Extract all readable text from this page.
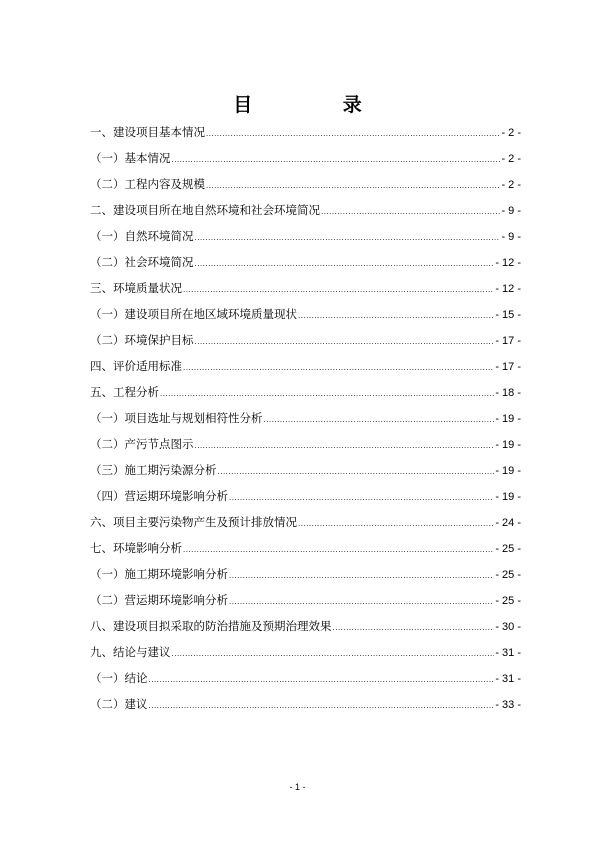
目 录
一、建设项目基本情况 .....	- 2 -
（一）基本情况 .....	- 2 -
（二）工程内容及规模 .....	- 2 -
二、建设项目所在地自然环境和社会环境简况 .....	- 9 -
（一）自然环境简况 .....	- 9 -
（二）社会环境简况 .....	- 12 -
三、环境质量状况 .....	- 12 -
（一）建设项目所在地区域环境质量现状 .....	- 15 -
（二）环境保护目标 .....	- 17 -
四、评价适用标准 .....	- 17 -
五、工程分析 .....	- 18 -
（一）项目选址与规划相符性分析 .....	- 19 -
（二）产污节点图示 .....	- 19 -
（三）施工期污染源分析 .....	- 19 -
（四）营运期环境影响分析 .....	- 19 -
六、项目主要污染物产生及预计排放情况 .....	- 24 -
七、环境影响分析 .....	- 25 -
（一）施工期环境影响分析 .....	- 25 -
（二）营运期环境影响分析 .....	- 25 -
八、建设项目拟采取的防治措施及预期治理效果 .....	- 30 -
九、结论与建议 .....	- 31 -
（一）结论 .....	- 31 -
（二）建议 .....	- 33 -
- 1 -
